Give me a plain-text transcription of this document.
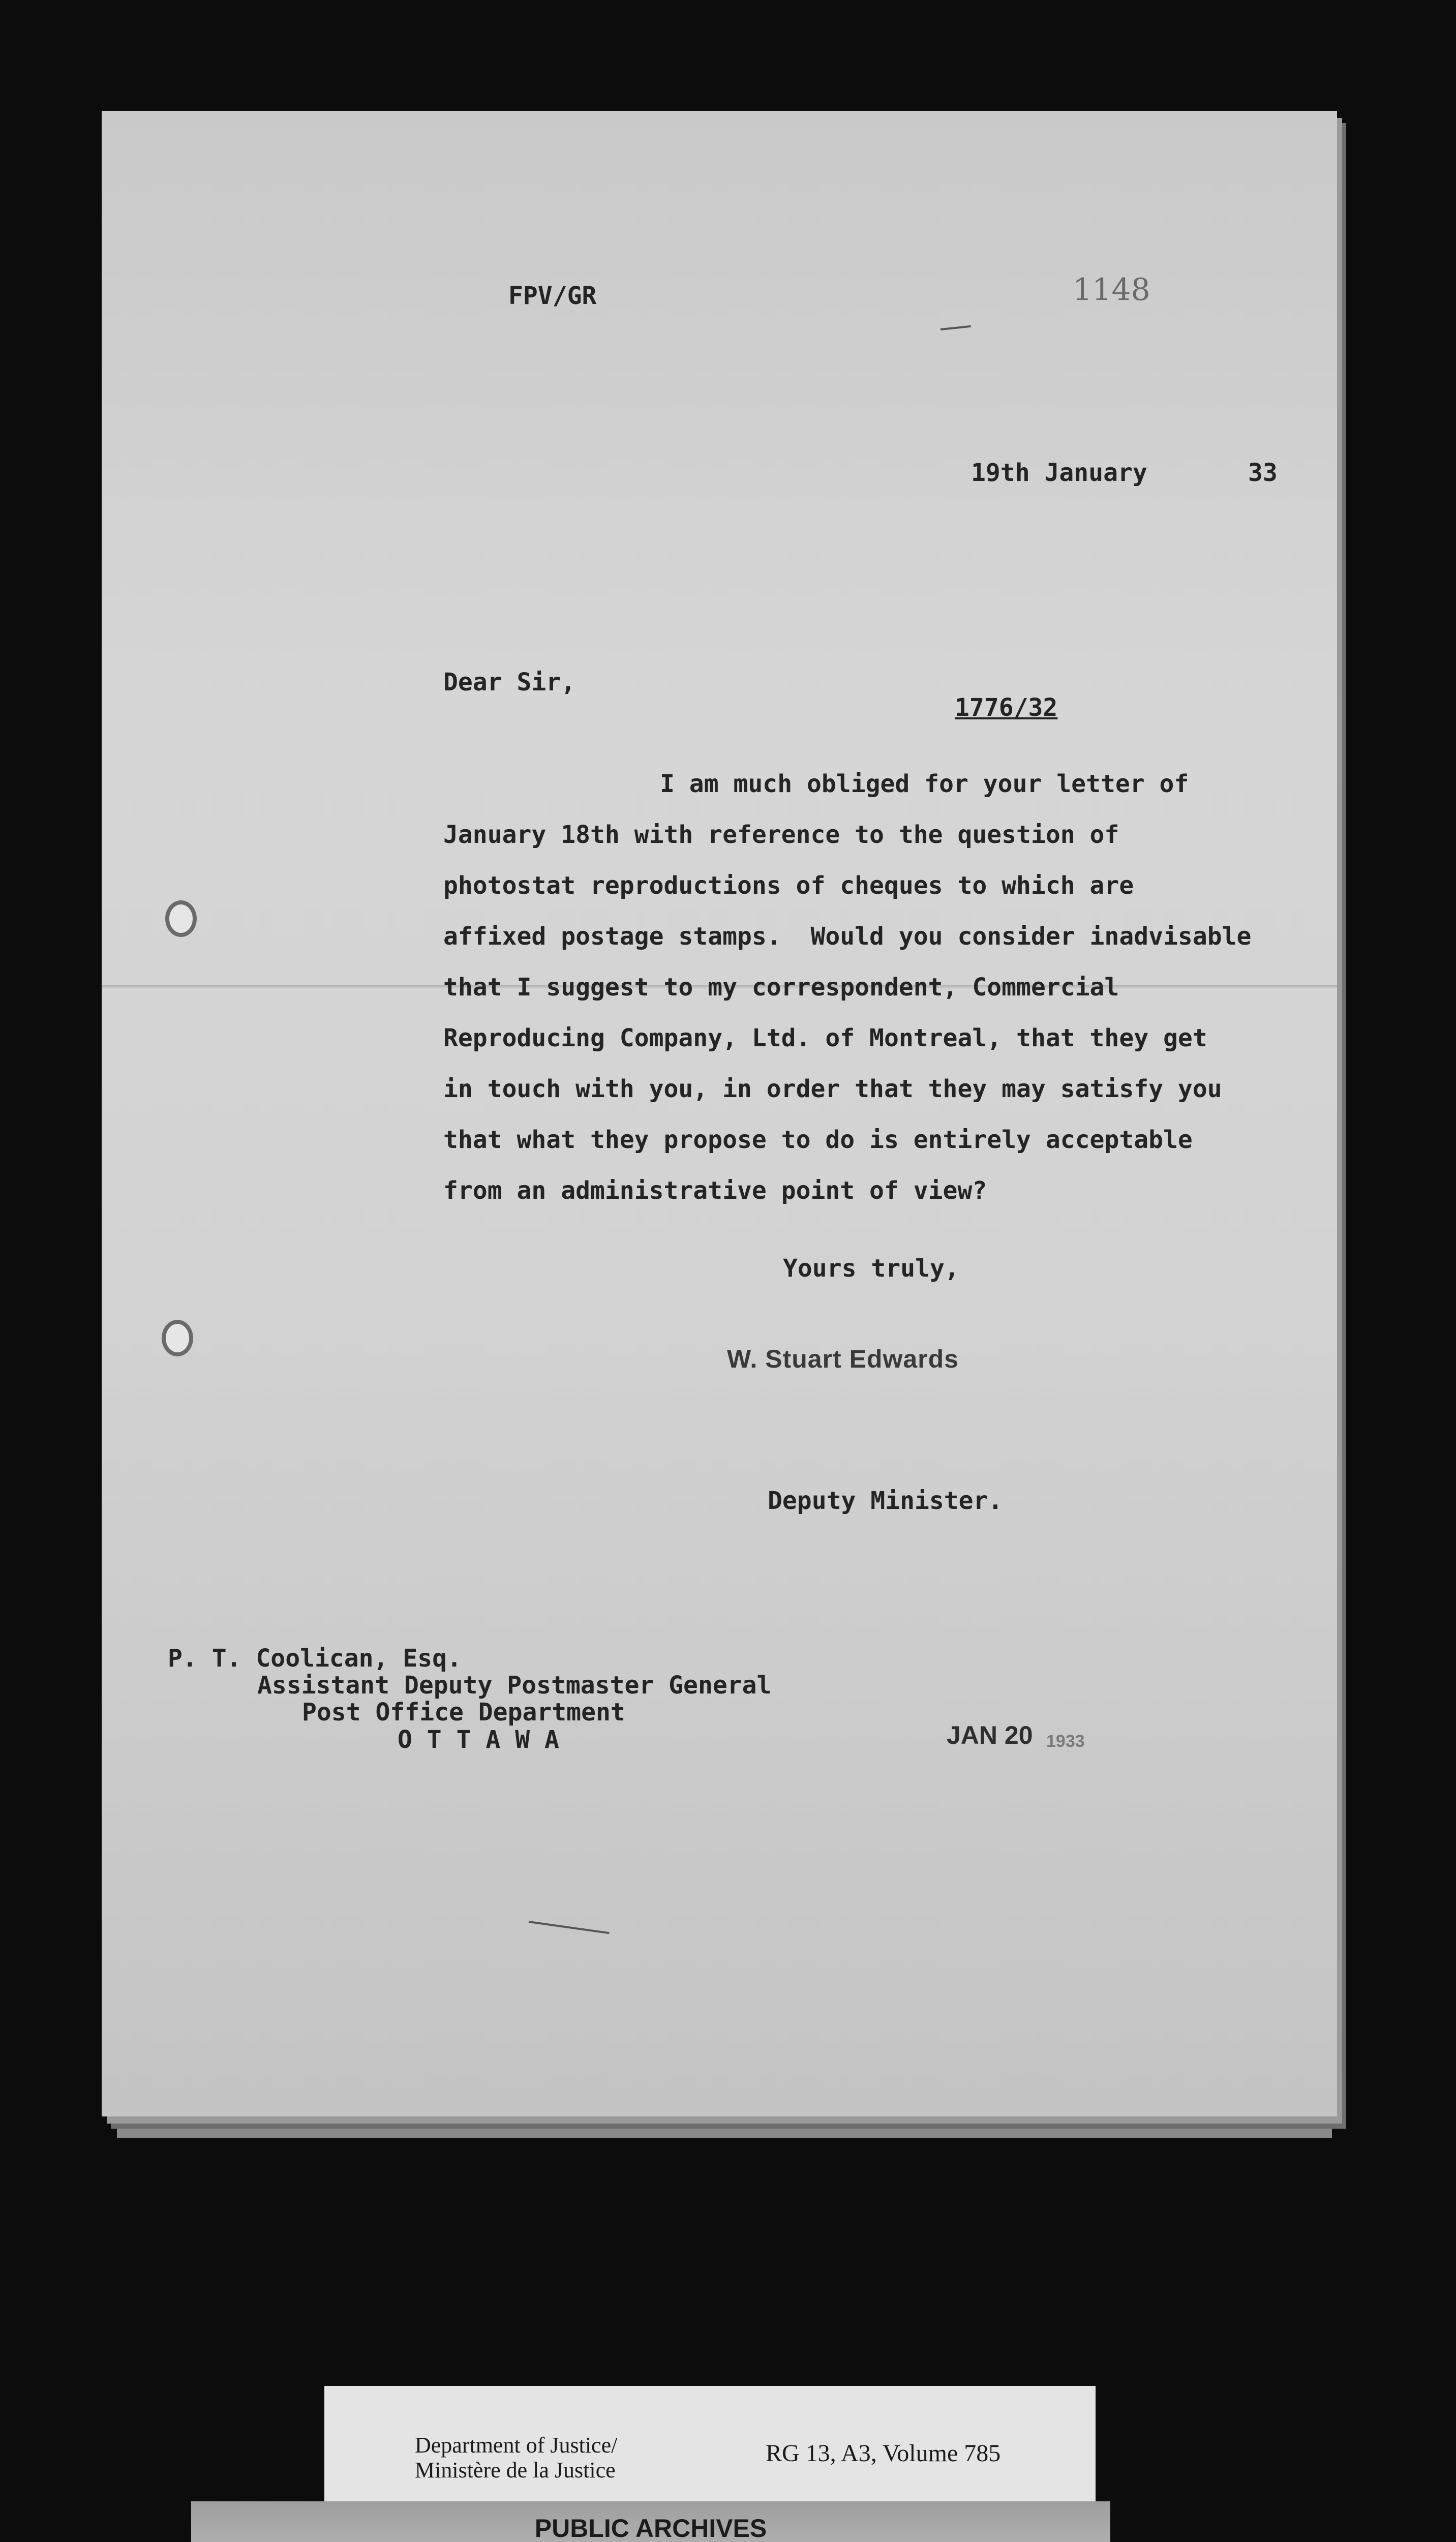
FPV/GR	1148
19th January	33
Dear Sir,
1776/32
I am much obliged for your letter of
January 18th with reference to the question of
photostat reproductions of cheques to which are
affixed postage stamps.  Would you consider inadvisable
that I suggest to my correspondent, Commercial
Reproducing Company, Ltd. of Montreal, that they get
in touch with you, in order that they may satisfy you
that what they propose to do is entirely acceptable
from an administrative point of view?
Yours truly,
W. Stuart Edwards
Deputy Minister.
P. T. Coolican, Esq.
Assistant Deputy Postmaster General
Post Office Department
O T T A W A	JAN 20 1933
Department of Justice/
Ministère de la Justice
RG 13, A3, Volume 785
PUBLIC ARCHIVES
